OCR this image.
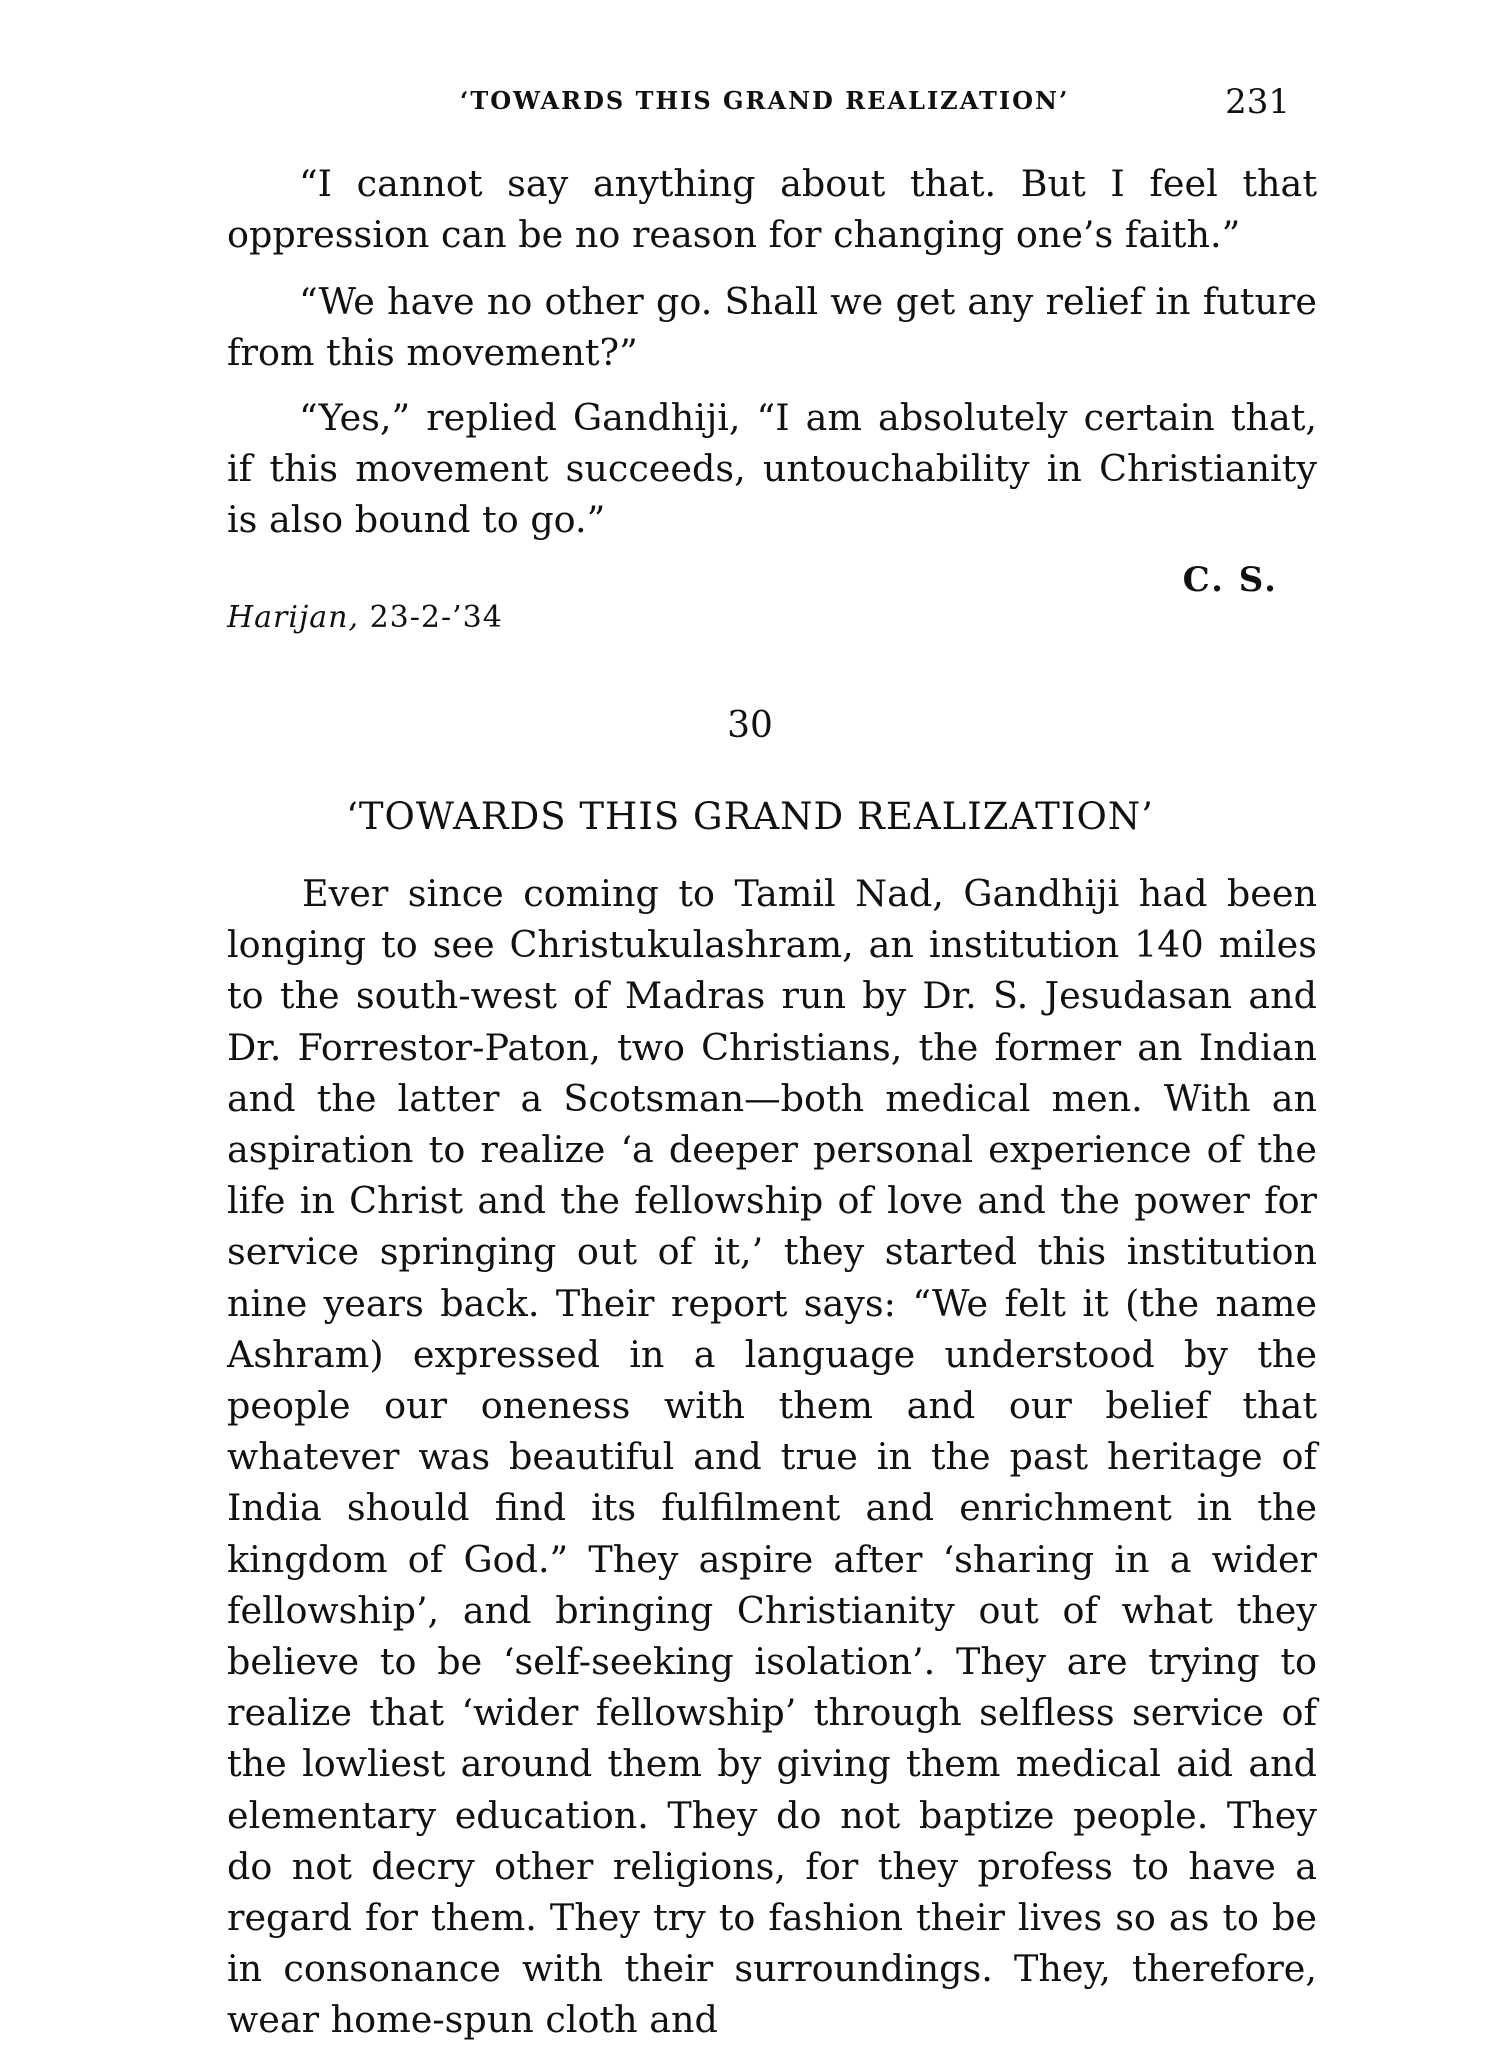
‘TOWARDS THIS GRAND REALIZATION’	231

“I cannot say anything about that. But I feel that oppression can be no reason for changing one’s faith.”

“We have no other go. Shall we get any relief in future from this movement?”

“Yes,” replied Gandhiji, “I am absolutely certain that, if this movement succeeds, untouchability in Christianity is also bound to go.”

C. S.
Harijan, 23-2-’34
30
‘TOWARDS THIS GRAND REALIZATION’

Ever since coming to Tamil Nad, Gandhiji had been longing to see Christukulashram, an institution 140 miles to the south-west of Madras run by Dr. S. Jesudasan and Dr. Forrestor-Paton, two Christians, the former an Indian and the latter a Scotsman—both medical men. With an aspiration to realize ‘a deeper personal experience of the life in Christ and the fellowship of love and the power for service springing out of it,’ they started this institution nine years back. Their report says: “We felt it (the name Ashram) expressed in a language understood by the people our oneness with them and our belief that whatever was beautiful and true in the past heritage of India should find its fulfilment and enrichment in the kingdom of God.” They aspire after ‘sharing in a wider fellowship’, and bringing Christianity out of what they believe to be ‘self-seeking isolation’. They are trying to realize that ‘wider fellowship’ through selfless service of the lowliest around them by giving them medical aid and elementary education. They do not baptize people. They do not decry other religions, for they profess to have a regard for them. They try to fashion their lives so as to be in consonance with their surroundings. They, therefore, wear home-spun cloth and
